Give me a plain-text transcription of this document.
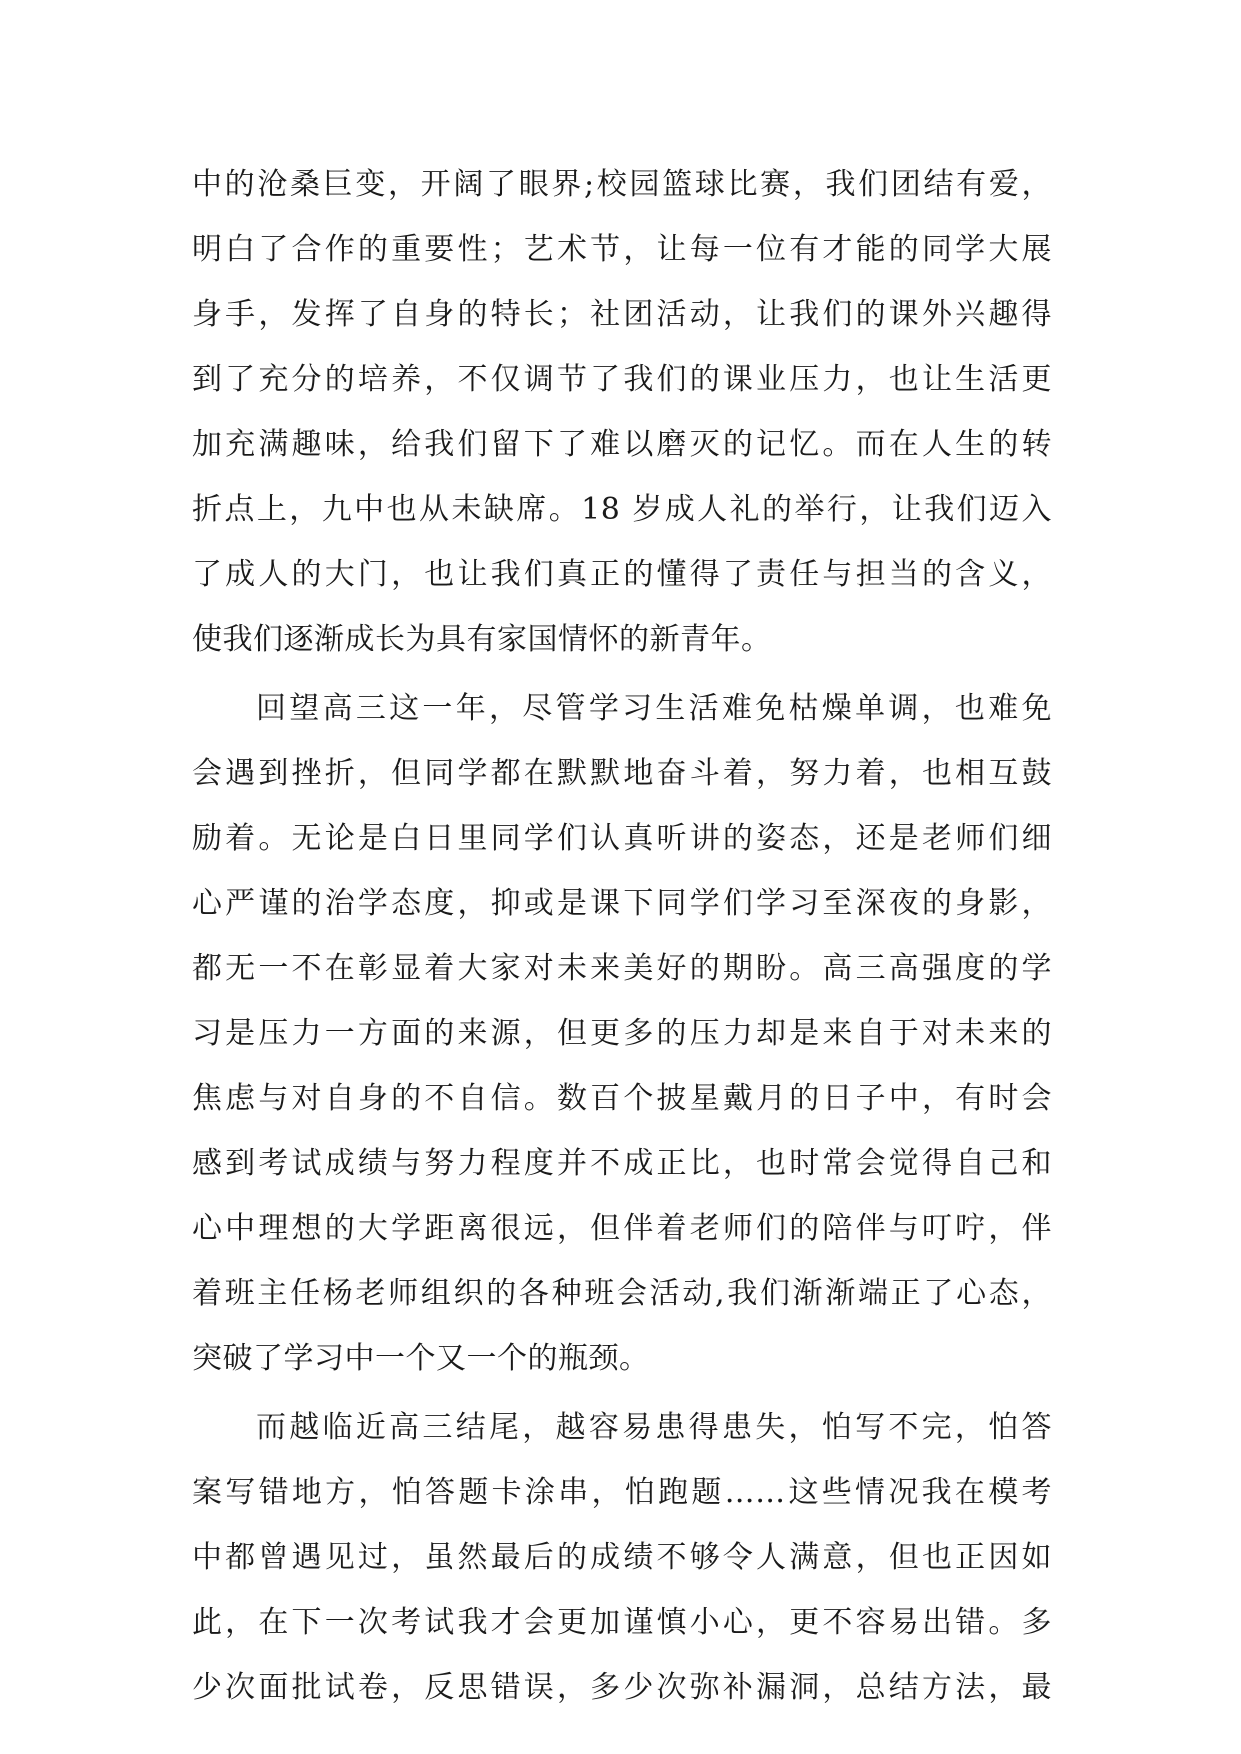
中的沧桑巨变，开阔了眼界;校园篮球比赛，我们团结有爱，
明白了合作的重要性；艺术节，让每一位有才能的同学大展
身手，发挥了自身的特长；社团活动，让我们的课外兴趣得
到了充分的培养，不仅调节了我们的课业压力，也让生活更
加充满趣味，给我们留下了难以磨灭的记忆。而在人生的转
折点上，九中也从未缺席。18 岁成人礼的举行，让我们迈入
了成人的大门，也让我们真正的懂得了责任与担当的含义，
使我们逐渐成长为具有家国情怀的新青年。
回望高三这一年，尽管学习生活难免枯燥单调，也难免
会遇到挫折，但同学都在默默地奋斗着，努力着，也相互鼓
励着。无论是白日里同学们认真听讲的姿态，还是老师们细
心严谨的治学态度，抑或是课下同学们学习至深夜的身影，
都无一不在彰显着大家对未来美好的期盼。高三高强度的学
习是压力一方面的来源，但更多的压力却是来自于对未来的
焦虑与对自身的不自信。数百个披星戴月的日子中，有时会
感到考试成绩与努力程度并不成正比，也时常会觉得自己和
心中理想的大学距离很远，但伴着老师们的陪伴与叮咛，伴
着班主任杨老师组织的各种班会活动,我们渐渐端正了心态，
突破了学习中一个又一个的瓶颈。
而越临近高三结尾，越容易患得患失，怕写不完，怕答
案写错地方，怕答题卡涂串，怕跑题……这些情况我在模考
中都曾遇见过，虽然最后的成绩不够令人满意，但也正因如
此，在下一次考试我才会更加谨慎小心，更不容易出错。多
少次面批试卷，反思错误，多少次弥补漏洞，总结方法，最
